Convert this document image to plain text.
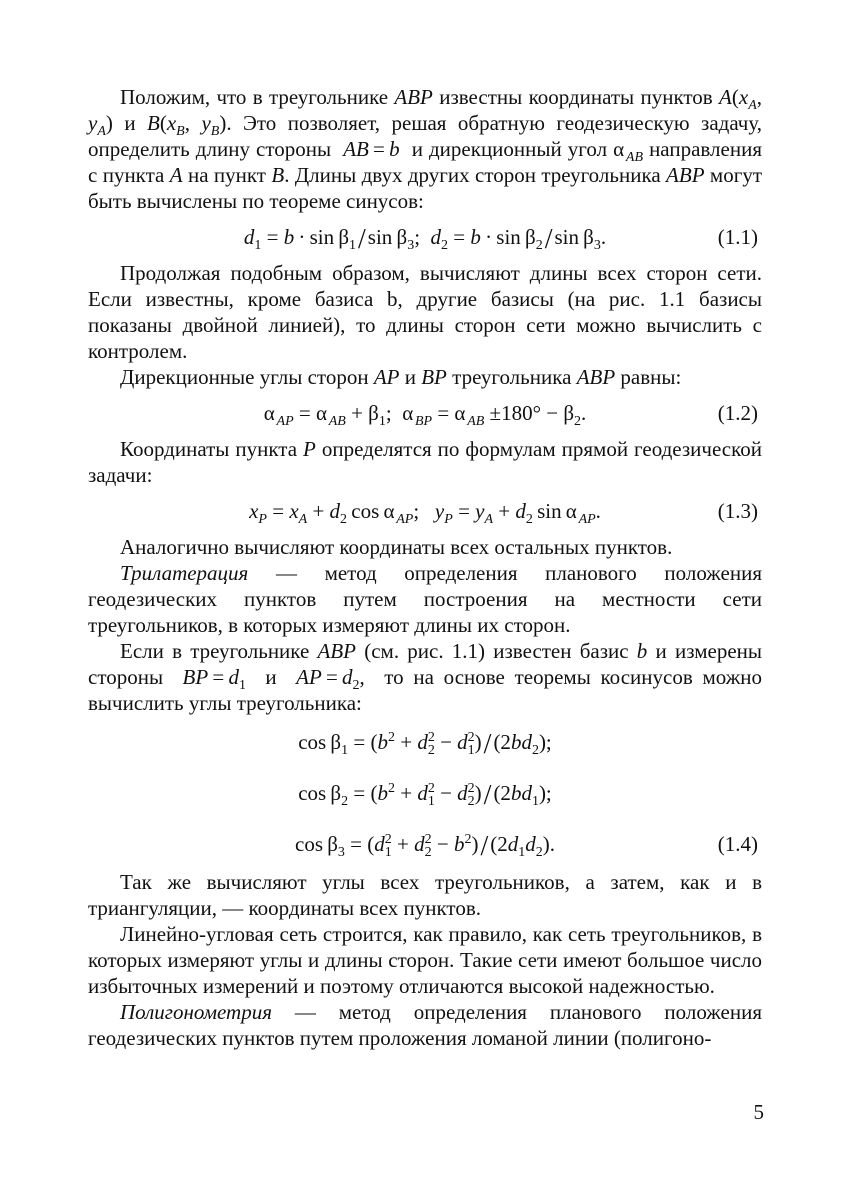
Положим, что в треугольнике ABP известны координаты пунктов $A(x_A$, $y_A$) и $B(x_B$, $y_B$). Это позволяет, решая обратную геодезическую задачу, определить длину стороны  AB = b  и дирекционный угол α $_{AB}$ направления с пункта A на пункт B. Длины двух других сторон треугольника ABP могут быть вычислены по теореме синусов:

$d_1 = b \cdot \sin \beta_1/\sin$ $\beta_3$;  $d_2 = b \cdot \sin \beta_2/\sin$ $\beta_3$.	(1.1)

Продолжая подобным образом, вычисляют длины всех сторон сети. Если известны, кроме базиса b, другие базисы (на рис. 1.1 базисы показаны двойной линией), то длины сторон сети можно вычислить с контролем.

Дирекционные углы сторон AP и BP треугольника ABP равны:

α $_{AP}$ = α $_{AB} + \beta_1$;  α $_{BP}$ = α $_{AB} \pm 180^\circ - \beta_2$.	(1.2)

Координаты пункта P определятся по формулам прямой геодезической задачи:

$x_P = x_A + d_2$ cos α $_{AP}$;   $y_P = y_A + d_2$ sin α $_{AP}$.	(1.3)

Аналогично вычисляют координаты всех остальных пунктов.

Трилатерация — метод определения планового положения геодезических пунктов путем построения на местности сети треугольников, в которых измеряют длины их сторон.

Если в треугольнике ABP (см. рис. 1.1) известен базис b и измерены стороны  BP = $d_1$  и  AP = $d_2$,  то на основе теоремы косинусов можно вычислить углы треугольника:

$\cos \beta_1 = (b^2 + d_2^2 - d_1^2)/(2bd_2)$;
$\cos \beta_2 = (b^2 + d_1^2 - d_2^2)/(2bd_1)$;
$\cos \beta_3 = (d_1^2 + d_2^2 - b^2)/(2d_1d_2)$.	(1.4)

Так же вычисляют углы всех треугольников, а затем, как и в триангуляции, — координаты всех пунктов.

Линейно-угловая сеть строится, как правило, как сеть треугольников, в которых измеряют углы и длины сторон. Такие сети имеют большое число избыточных измерений и поэтому отличаются высокой надежностью.

Полигонометрия — метод определения планового положения геодезических пунктов путем проложения ломаной линии (полигоно-

5
